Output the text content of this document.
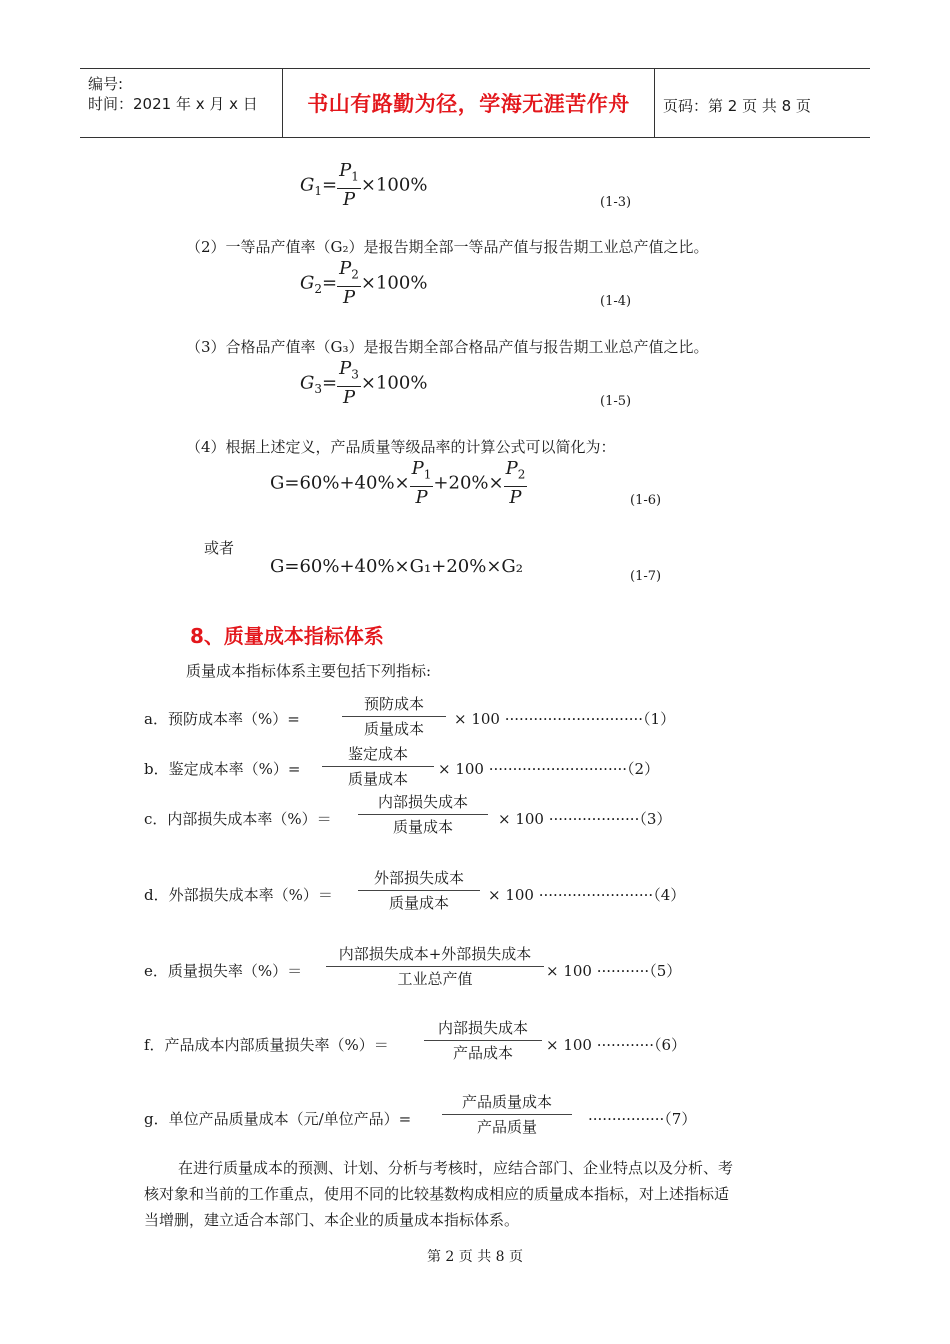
编号:
时间：2021 年 x 月 x 日	书山有路勤为径，学海无涯苦作舟	页码：第 2 页 共 8 页
$G_1= \frac{P_1}{P} \times 100\%$
(1-3)
（2）一等品产值率（G₂）是报告期全部一等品产值与报告期工业总产值之比。
$G_2= \frac{P_2}{P} \times 100\%$
(1-4)
（3）合格品产值率（G₃）是报告期全部合格品产值与报告期工业总产值之比。
$G_3= \frac{P_3}{P} \times 100\%$
(1-5)
（4）根据上述定义，产品质量等级品率的计算公式可以简化为：
$G=60\%+40\%\times \frac{P_1}{P} +20\%\times \frac{P_2}{P}$	(1-6)
或者
G=60%+40%×G₁+20%×G₂	(1-7)
8、质量成本指标体系
质量成本指标体系主要包括下列指标:
a．预防成本率（%）=
预防成本
质量成本
× 100 ·····························（1）
b．鉴定成本率（%）=
鉴定成本
质量成本
× 100 ·····························（2）
c．内部损失成本率（%）＝
内部损失成本
质量成本	× 100 ···················（3）
d．外部损失成本率（%）＝
外部损失成本
质量成本	× 100 ························（4）
e．质量损失率（%）＝
内部损失成本+外部损失成本
工业总产值	× 100 ···········（5）
f．产品成本内部质量损失率（%）＝
内部损失成本
产品成本	× 100 ············（6）
g．单位产品质量成本（元/单位产品）=
产品质量成本
产品质量	················（7）
在进行质量成本的预测、计划、分析与考核时，应结合部门、企业特点以及分析、考
核对象和当前的工作重点，使用不同的比较基数构成相应的质量成本指标，对上述指标适
当增删，建立适合本部门、本企业的质量成本指标体系。
第 2 页 共 8 页
